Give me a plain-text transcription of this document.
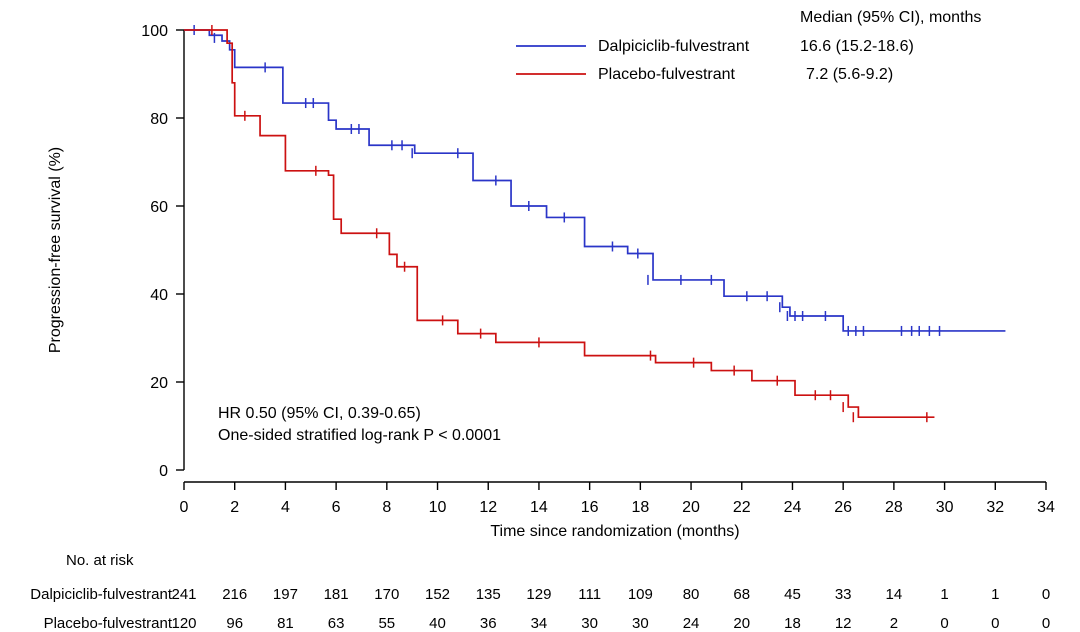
0
20
40
60
80
100
0	2	4	6	8 10 12 14 16 18 20 22 24 26 28 30 32 34
Progression-free survival (%)
Time since randomization (months)
Median (95% CI), months
Dalpiciclib-fulvestrant	16.6 (15.2-18.6)
Placebo-fulvestrant	7.2 (5.6-9.2)
HR 0.50 (95% CI, 0.39-0.65)
One-sided stratified log-rank P < 0.0001
No. at risk
Dalpiciclib-fulvestrant
Placebo-fulvestrant
241 216 197 181 170 152 135 129 111 109 80 68 45 33 14	1	1	0
120 96 81 63 55 40 36 34 30 30 24 20 18 12	2	0	0	0
